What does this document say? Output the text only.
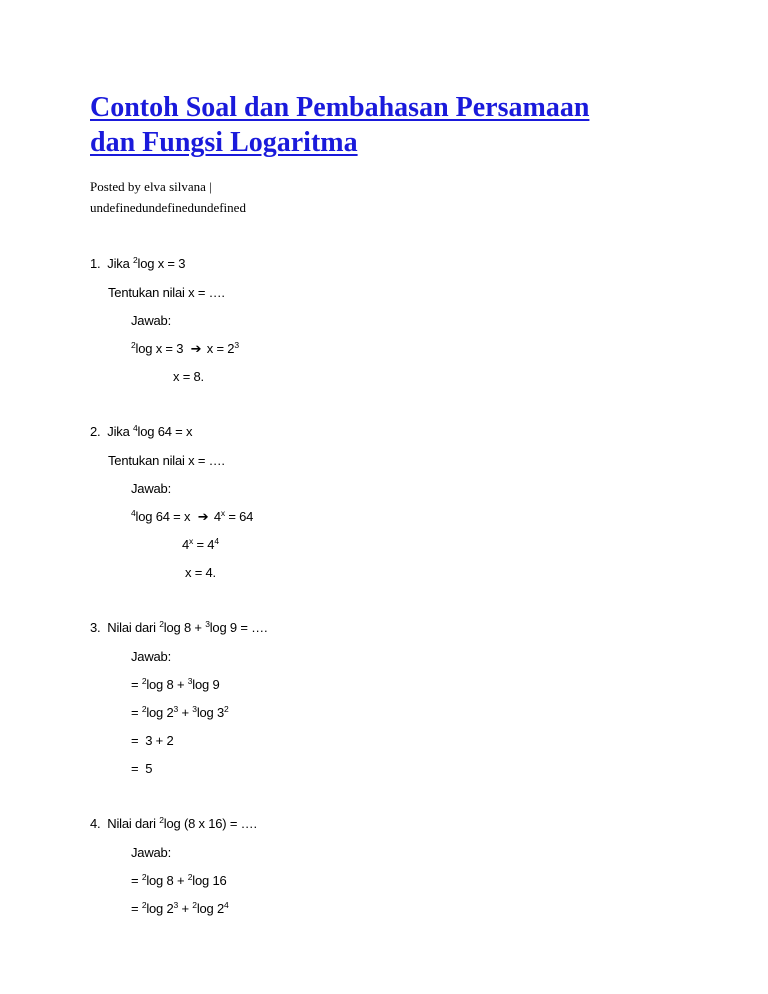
Contoh Soal dan Pembahasan Persamaan
dan Fungsi Logaritma
Posted by elva silvana |
undefinedundefinedundefined
1. Jika $^2$log x = 3
Tentukan nilai x = ….
Jawab:
$^2$log x = 3 ➔ $x = 2^3$
x = 8.
2. Jika $^4$log 64 = x
Tentukan nilai x = ….
Jawab:
$^4$log 64 = x ➔ $4^x = 64$
$4^x = 4^4$
x = 4.
3. Nilai dari $^2$log 8 + $^3$log 9 = ….
Jawab:
= $^2$log 8 + $^3$log 9
= $^2$log $2^3 + ^3\log$ $3^2$
=  3 + 2
=  5
4. Nilai dari $^2$log (8 x 16) = ….
Jawab:
= $^2$log 8 + $^2$log 16
= $^2$log $2^3 + ^2\log$ $2^4$
